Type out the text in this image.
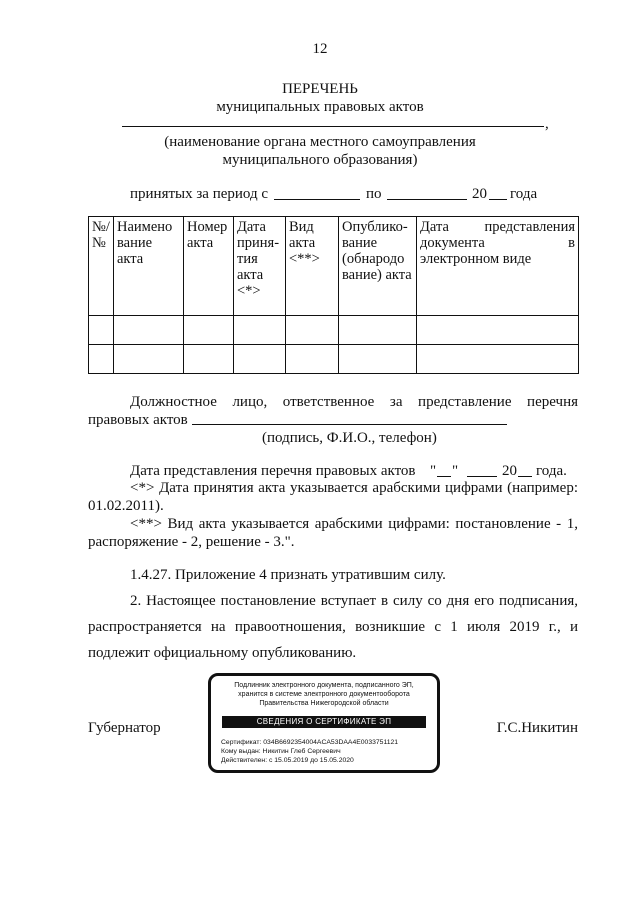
12
ПЕРЕЧЕНЬ
муниципальных правовых актов
,
(наименование органа местного самоуправления
муниципального образования)
принятых за период с	по	20 года
№/ №	Наимено вание акта	Номер акта	Дата приня- тия акта <*>	Вид акта <**>	Опублико- вание (обнародо вание) акта	Дата представления документа в электронном виде

Должностное лицо, ответственное за представление перечня
правовых актов
(подпись, Ф.И.О., телефон)
Дата представления перечня правовых актов " "	20 года.
<*> Дата принятия акта указывается арабскими цифрами (например:
01.02.2011).
<**> Вид акта указывается арабскими цифрами: постановление - 1,
распоряжение - 2, решение - 3.".
1.4.27. Приложение 4 признать утратившим силу.
2. Настоящее постановление вступает в силу со дня его подписания,
распространяется на правоотношения, возникшие с 1 июля 2019 г., и
подлежит официальному опубликованию.
Губернатор	Г.С.Никитин
Подлинник электронного документа, подписанного ЭП,
хранится в системе электронного документооборота
Правительства Нижегородской области
СВЕДЕНИЯ О СЕРТИФИКАТЕ ЭП
Сертификат: 034B6692354004ACA53DAA4E0033751121
Кому выдан: Никитин Глеб Сергеевич
Действителен: с 15.05.2019 до 15.05.2020
